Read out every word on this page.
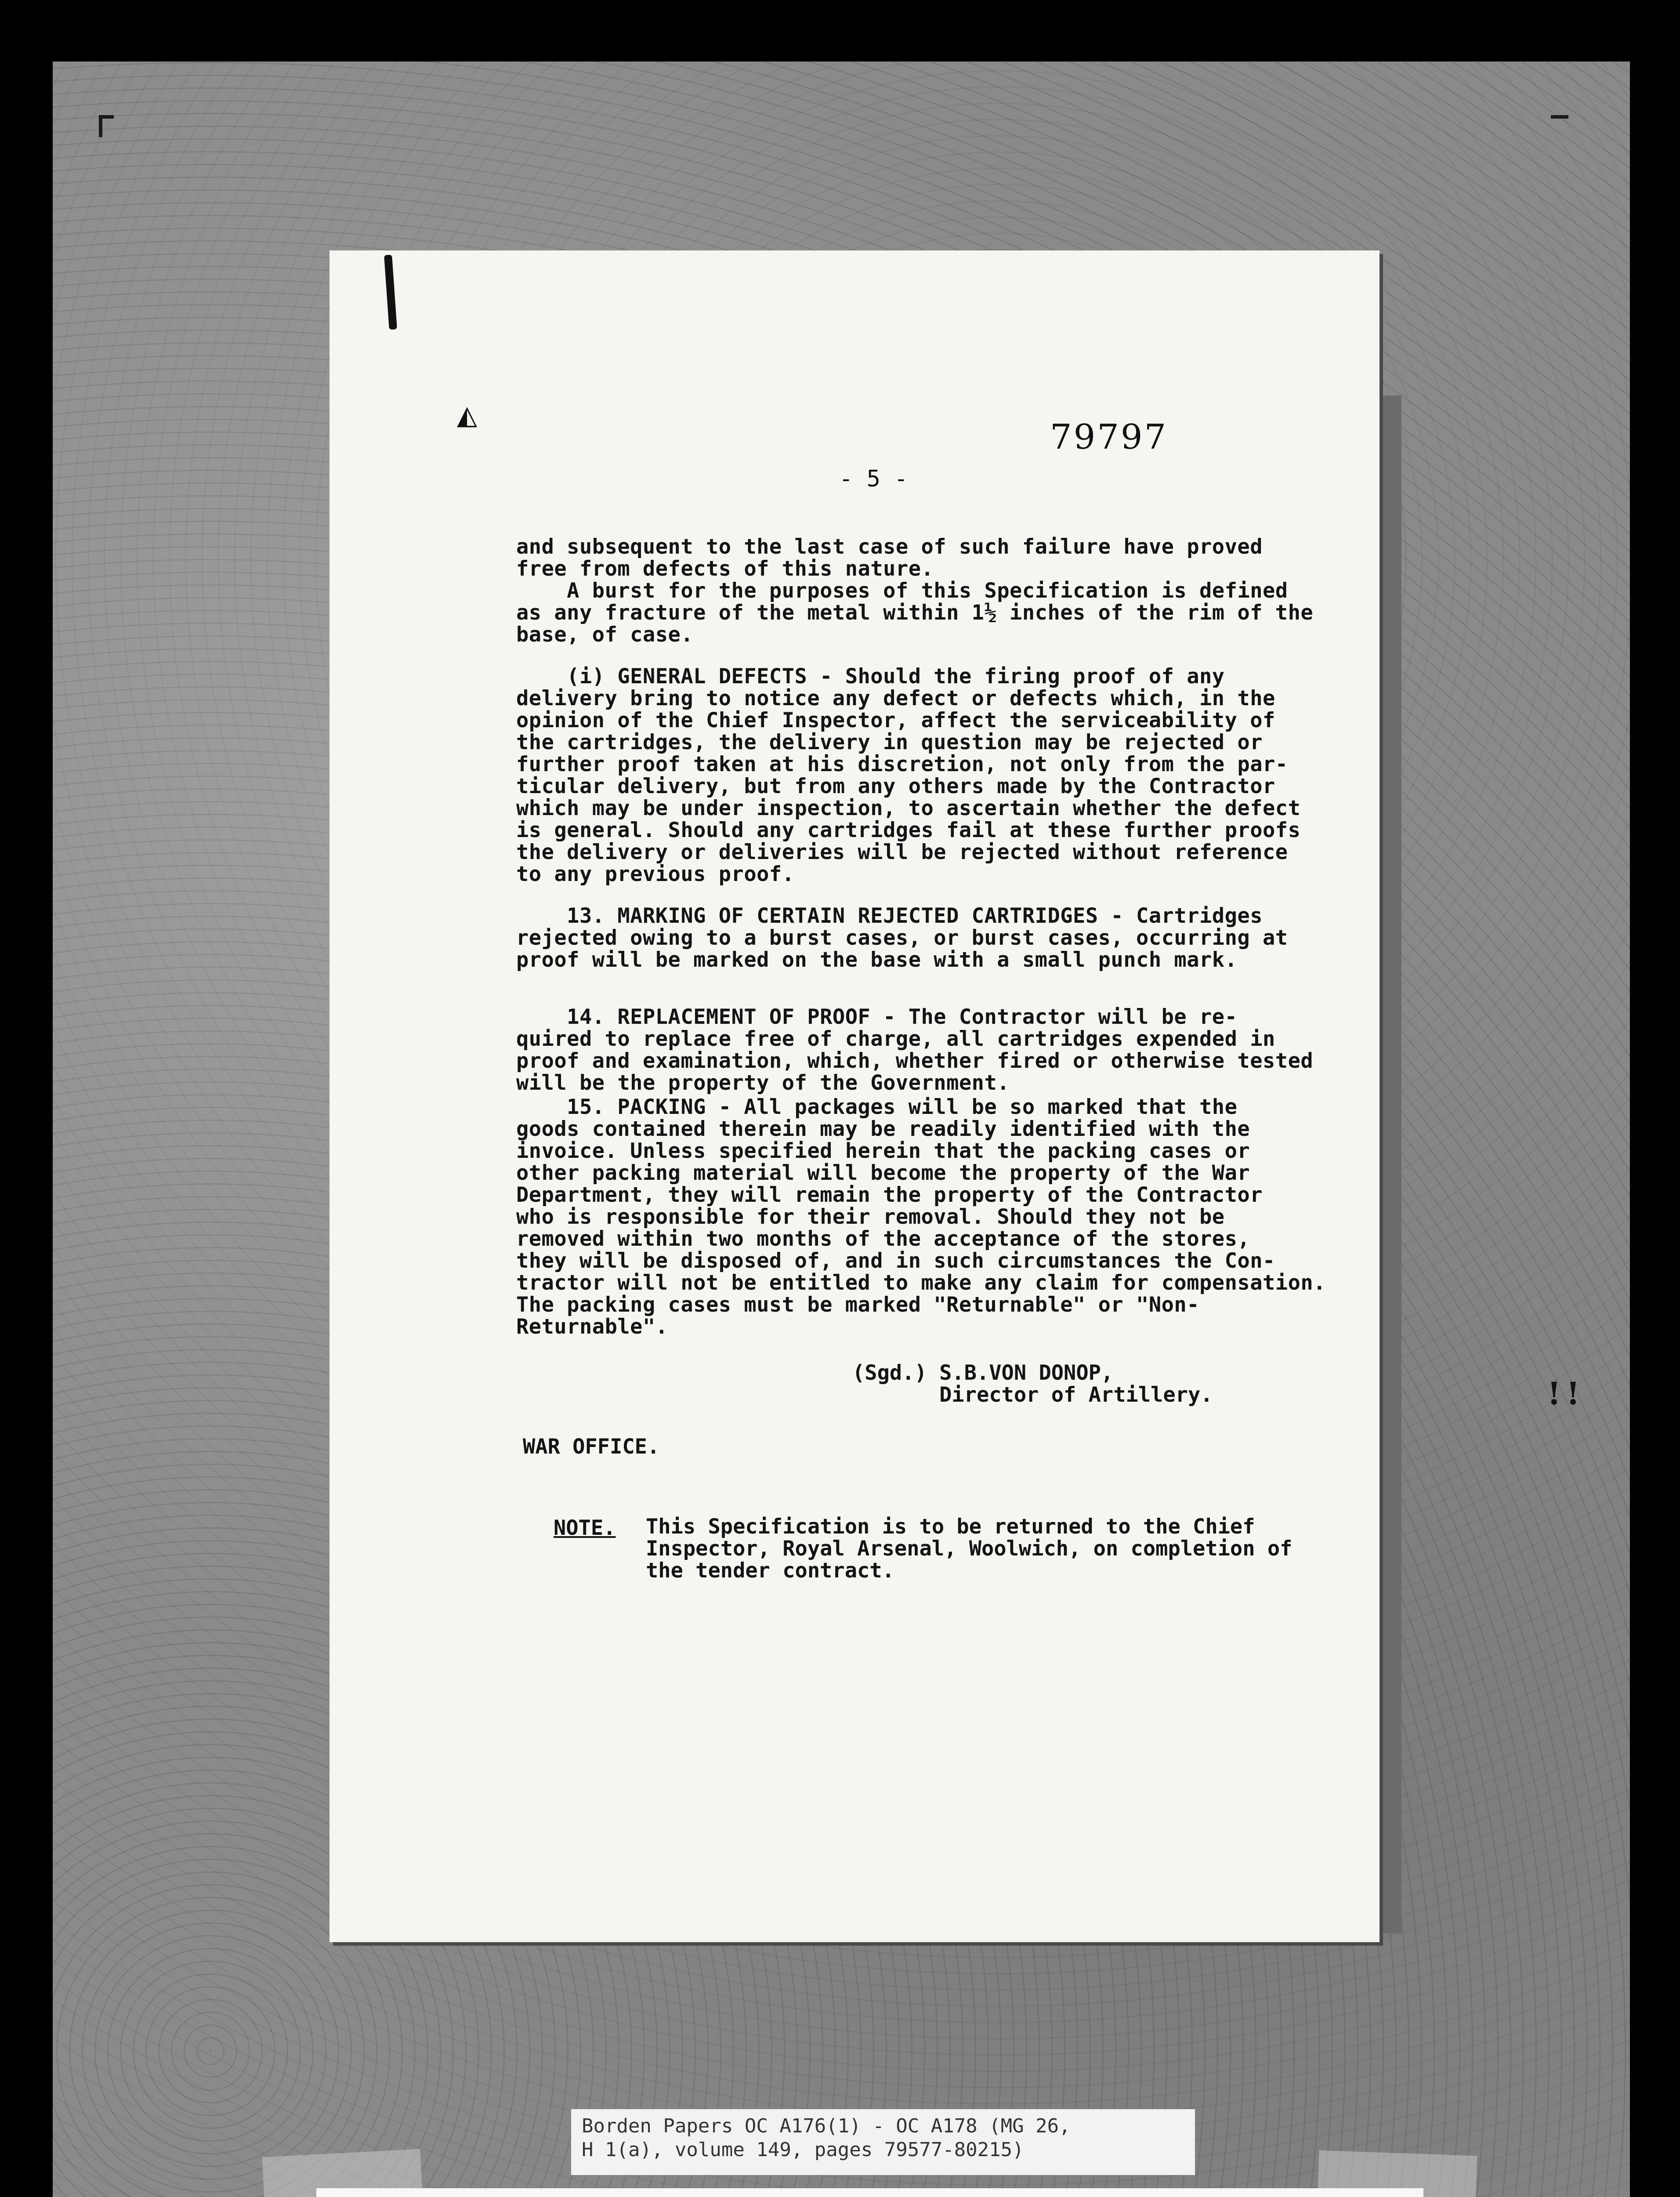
! !
◭
79797
- 5 -
and subsequent to the last case of such failure have proved
free from defects of this nature.
A burst for the purposes of this Specification is defined
as any fracture of the metal within 1½ inches of the rim of the
base, of case.
(i) GENERAL DEFECTS - Should the firing proof of any
delivery bring to notice any defect or defects which, in the
opinion of the Chief Inspector, affect the serviceability of
the cartridges, the delivery in question may be rejected or
further proof taken at his discretion, not only from the par-
ticular delivery, but from any others made by the Contractor
which may be under inspection, to ascertain whether the defect
is general. Should any cartridges fail at these further proofs
the delivery or deliveries will be rejected without reference
to any previous proof.
13. MARKING OF CERTAIN REJECTED CARTRIDGES - Cartridges
rejected owing to a burst cases, or burst cases, occurring at
proof will be marked on the base with a small punch mark.
14. REPLACEMENT OF PROOF - The Contractor will be re-
quired to replace free of charge, all cartridges expended in
proof and examination, which, whether fired or otherwise tested
will be the property of the Government.
15. PACKING - All packages will be so marked that the
goods contained therein may be readily identified with the
invoice. Unless specified herein that the packing cases or
other packing material will become the property of the War
Department, they will remain the property of the Contractor
who is responsible for their removal. Should they not be
removed within two months of the acceptance of the stores,
they will be disposed of, and in such circumstances the Con-
tractor will not be entitled to make any claim for compensation.
The packing cases must be marked "Returnable" or "Non-
Returnable".
(Sgd.) S.B.VON DONOP,
Director of Artillery.
WAR OFFICE.
NOTE. This Specification is to be returned to the Chief
Inspector, Royal Arsenal, Woolwich, on completion of
the tender contract.
Borden Papers OC A176(1) - OC A178 (MG 26,
H 1(a), volume 149, pages 79577-80215)
